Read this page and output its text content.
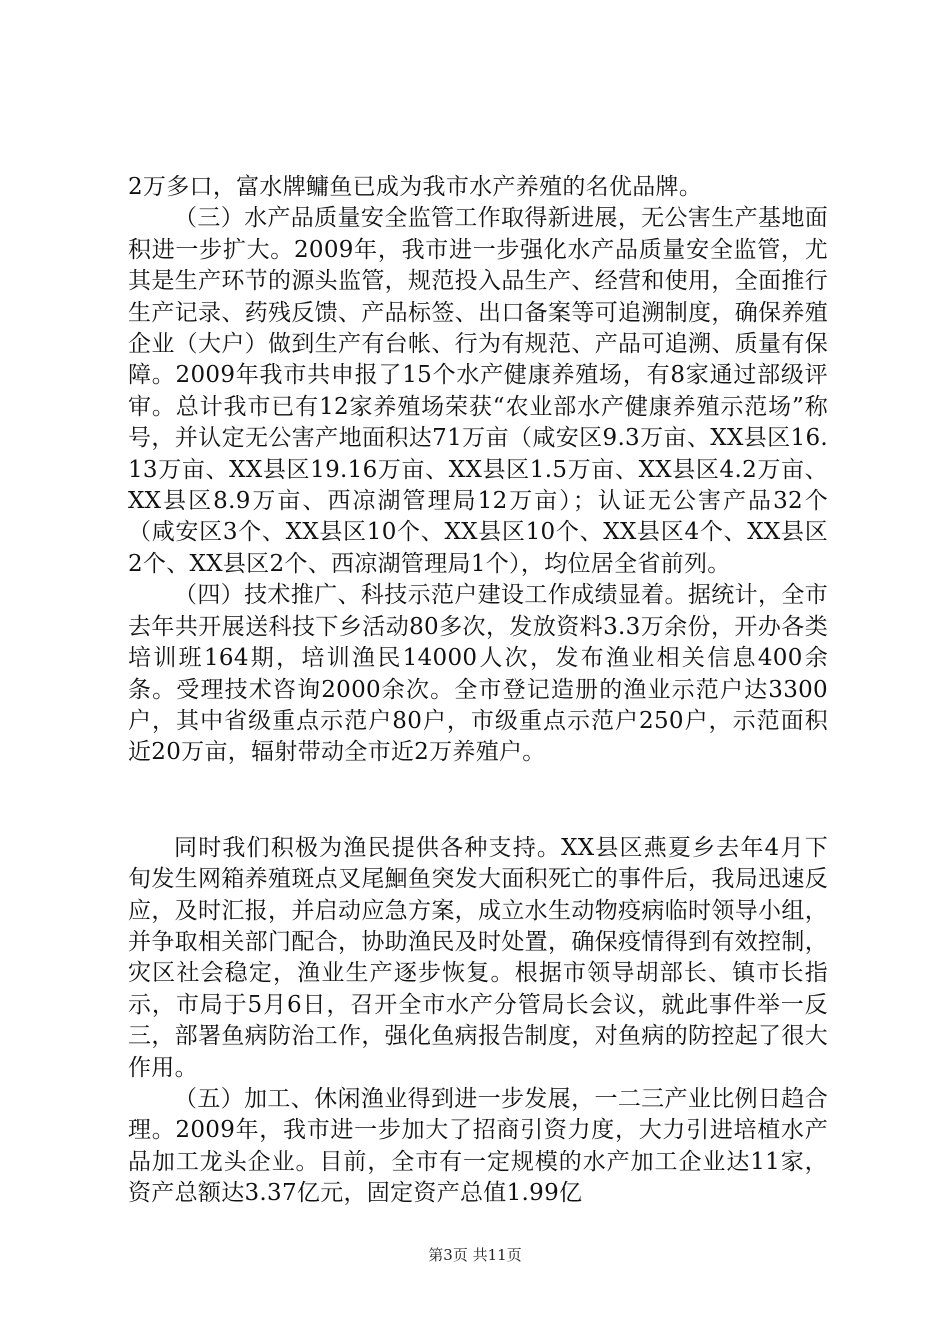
2万多口，富水牌鳙鱼已成为我市水产养殖的名优品牌。

（三）水产品质量安全监管工作取得新进展，无公害生产基地面积进一步扩大。2009年，我市进一步强化水产品质量安全监管，尤其是生产环节的源头监管，规范投入品生产、经营和使用，全面推行生产记录、药残反馈、产品标签、出口备案等可追溯制度，确保养殖企业（大户）做到生产有台帐、行为有规范、产品可追溯、质量有保障。2009年我市共申报了15个水产健康养殖场，有8家通过部级评审。总计我市已有12家养殖场荣获“农业部水产健康养殖示范场”称号，并认定无公害产地面积达71万亩（咸安区9.3万亩、XX县区16.13万亩、XX县区19.16万亩、XX县区1.5万亩、XX县区4.2万亩、XX县区8.9万亩、西凉湖管理局12万亩）；认证无公害产品32个（咸安区3个、XX县区10个、XX县区10个、XX县区4个、XX县区2个、XX县区2个、西凉湖管理局1个），均位居全省前列。

（四）技术推广、科技示范户建设工作成绩显着。据统计，全市去年共开展送科技下乡活动80多次，发放资料3.3万余份，开办各类培训班164期，培训渔民14000人次，发布渔业相关信息400余条。受理技术咨询2000余次。全市登记造册的渔业示范户达3300户，其中省级重点示范户80户，市级重点示范户250户，示范面积近20万亩，辐射带动全市近2万养殖户。

同时我们积极为渔民提供各种支持。XX县区燕夏乡去年4月下旬发生网箱养殖斑点叉尾鮰鱼突发大面积死亡的事件后，我局迅速反应，及时汇报，并启动应急方案，成立水生动物疫病临时领导小组，并争取相关部门配合，协助渔民及时处置，确保疫情得到有效控制，灾区社会稳定，渔业生产逐步恢复。根据市领导胡部长、镇市长指示，市局于5月6日，召开全市水产分管局长会议，就此事件举一反三，部署鱼病防治工作，强化鱼病报告制度，对鱼病的防控起了很大作用。

（五）加工、休闲渔业得到进一步发展，一二三产业比例日趋合理。2009年，我市进一步加大了招商引资力度，大力引进培植水产品加工龙头企业。目前，全市有一定规模的水产加工企业达11家，资产总额达3.37亿元，固定资产总值1.99亿

第3页 共11页
